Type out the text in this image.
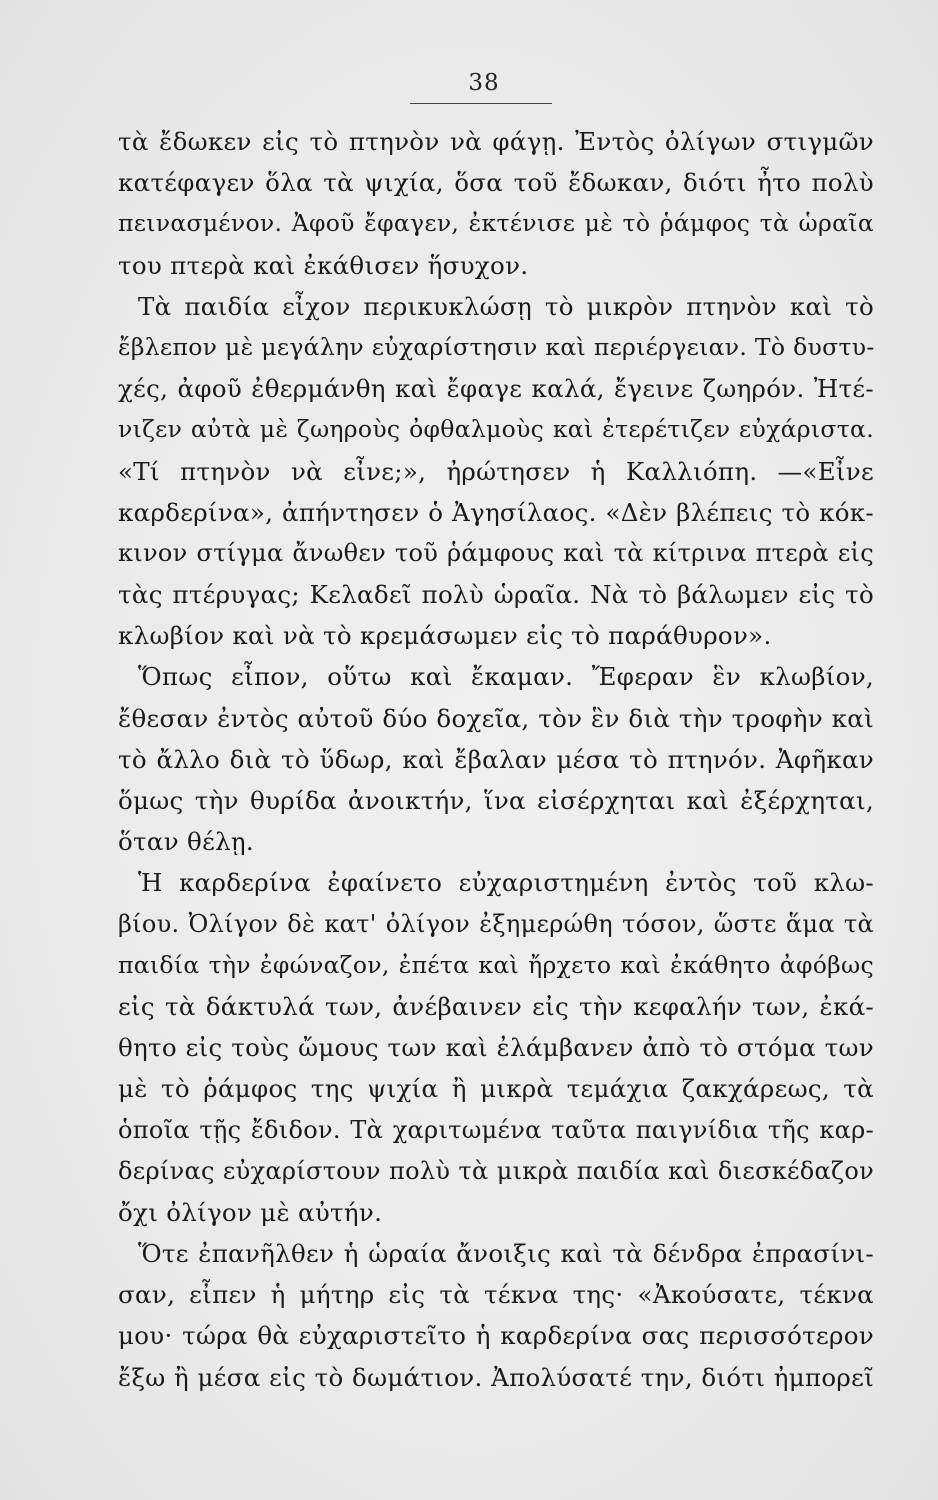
38
τὰ ἔδωκεν εἰς τὸ πτηνὸν νὰ φάγῃ. Ἐντὸς ὀλίγων στιγμῶν
κατέφαγεν ὅλα τὰ ψιχία, ὅσα τοῦ ἔδωκαν, διότι ἦτο πολὺ
πεινασμένον. Ἀφοῦ ἔφαγεν, ἐκτένισε μὲ τὸ ῥάμφος τὰ ὡραῖα
του πτερὰ καὶ ἐκάθισεν ἥσυχον.
Τὰ παιδία εἶχον περικυκλώσῃ τὸ μικρὸν πτηνὸν καὶ τὸ
ἔβλεπον μὲ μεγάλην εὐχαρίστησιν καὶ περιέργειαν. Τὸ δυστυ-
χές, ἀφοῦ ἐθερμάνθη καὶ ἔφαγε καλά, ἔγεινε ζωηρόν. Ἠτέ-
νιζεν αὐτὰ μὲ ζωηροὺς ὀφθαλμοὺς καὶ ἐτερέτιζεν εὐχάριστα.
«Τί πτηνὸν νὰ εἶνε;», ἠρώτησεν ἡ Καλλιόπη. —«Εἶνε
καρδερίνα», ἀπήντησεν ὁ Ἀγησίλαος. «Δὲν βλέπεις τὸ κόκ-
κινον στίγμα ἄνωθεν τοῦ ῥάμφους καὶ τὰ κίτρινα πτερὰ εἰς
τὰς πτέρυγας; Κελαδεῖ πολὺ ὡραῖα. Νὰ τὸ βάλωμεν εἰς τὸ
κλωβίον καὶ νὰ τὸ κρεμάσωμεν εἰς τὸ παράθυρον».
Ὅπως εἶπον, οὕτω καὶ ἔκαμαν. Ἔφεραν ἓν κλωβίον,
ἔθεσαν ἐντὸς αὐτοῦ δύο δοχεῖα, τὸν ἓν διὰ τὴν τροφὴν καὶ
τὸ ἄλλο διὰ τὸ ὕδωρ, καὶ ἔβαλαν μέσα τὸ πτηνόν. Ἀφῆκαν
ὅμως τὴν θυρίδα ἀνοικτήν, ἵνα εἰσέρχηται καὶ ἐξέρχηται,
ὅταν θέλῃ.
Ἡ καρδερίνα ἐφαίνετο εὐχαριστημένη ἐντὸς τοῦ κλω-
βίου. Ὀλίγον δὲ κατ' ὀλίγον ἐξημερώθη τόσον, ὥστε ἅμα τὰ
παιδία τὴν ἐφώναζον, ἐπέτα καὶ ἤρχετο καὶ ἐκάθητο ἀφόβως
εἰς τὰ δάκτυλά των, ἀνέβαινεν εἰς τὴν κεφαλήν των, ἐκά-
θητο εἰς τοὺς ὤμους των καὶ ἐλάμβανεν ἀπὸ τὸ στόμα των
μὲ τὸ ῥάμφος της ψιχία ἢ μικρὰ τεμάχια ζακχάρεως, τὰ
ὁποῖα τῇς ἔδιδον. Τὰ χαριτωμένα ταῦτα παιγνίδια τῆς καρ-
δερίνας εὐχαρίστουν πολὺ τὰ μικρὰ παιδία καὶ διεσκέδαζον
ὄχι ὀλίγον μὲ αὐτήν.
Ὅτε ἐπανῆλθεν ἡ ὡραία ἄνοιξις καὶ τὰ δένδρα ἐπρασίνι-
σαν, εἶπεν ἡ μήτηρ εἰς τὰ τέκνα της· «Ἀκούσατε, τέκνα
μου· τώρα θὰ εὐχαριστεῖτο ἡ καρδερίνα σας περισσότερον
ἔξω ἢ μέσα εἰς τὸ δωμάτιον. Ἀπολύσατέ την, διότι ἠμπορεῖ
